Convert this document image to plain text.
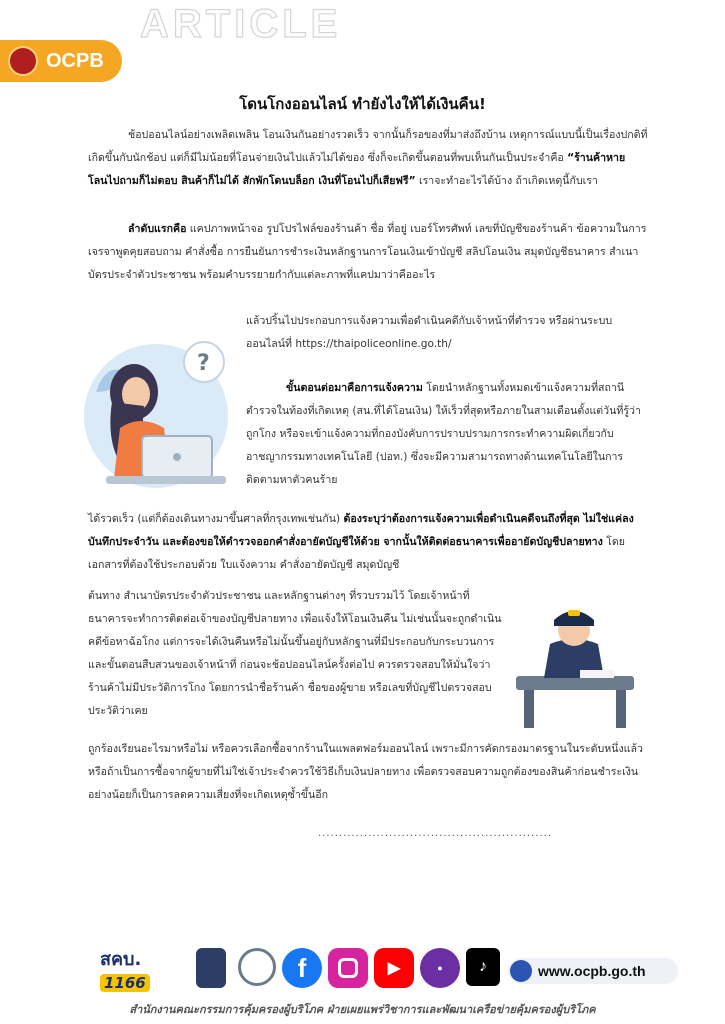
ARTICLE
OCPB
โดนโกงออนไลน์ ทำยังไงให้ได้เงินคืน!
ช้อปออนไลน์อย่างเพลิดเพลิน โอนเงินกันอย่างรวดเร็ว จากนั้นก็รอของที่มาส่งถึงบ้าน เหตุการณ์แบบนี้เป็นเรื่องปกติที่เกิดขึ้นกับนักช้อป แต่ก็มีไม่น้อยที่โอนจ่ายเงินไปแล้วไม่ได้ของ ซึ่งก็จะเกิดขึ้นตอนที่พบเห็นกันเป็นประจำคือ “ร้านค้าหาย โลนไปถามก็ไม่ตอบ สินค้าก็ไม่ได้ สักพักโดนบล็อก เงินที่โอนไปก็เสียฟรี” เราจะทำอะไรได้บ้าง ถ้าเกิดเหตุนี้กับเรา
ลำดับแรกคือ แคปภาพหน้าจอ รูปโปรไฟล์ของร้านค้า ชื่อ ที่อยู่ เบอร์โทรศัพท์ เลขที่บัญชีของร้านค้า ข้อความในการเจรจาพูดคุยสอบถาม คำสั่งซื้อ การยืนยันการชำระเงินหลักฐานการโอนเงินเข้าบัญชี สลิปโอนเงิน สมุดบัญชีธนาคาร สำเนาบัตรประจำตัวประชาชน พร้อมคำบรรยายกำกับแต่ละภาพที่แคปมาว่าคืออะไร
แล้วปริ้นไปประกอบการแจ้งความเพื่อดำเนินคดีกับเจ้าหน้าที่ตำรวจ หรือผ่านระบบออนไลน์ที่ https://thaipoliceonline.go.th/
?
ขั้นตอนต่อมาคือการแจ้งความ โดยนำหลักฐานทั้งหมดเข้าแจ้งความที่สถานีตำรวจในท้องที่เกิดเหตุ (สน.ที่ได้โอนเงิน) ให้เร็วที่สุดหรือภายในสามเดือนตั้งแต่วันที่รู้ว่าถูกโกง หรือจะเข้าแจ้งความที่กองบังคับการปราบปรามการกระทำความผิดเกี่ยวกับอาชญากรรมทางเทคโนโลยี (ปอท.) ซึ่งจะมีความสามารถทางด้านเทคโนโลยีในการติดตามหาตัวคนร้าย
ได้รวดเร็ว (แต่ก็ต้องเดินทางมาขึ้นศาลที่กรุงเทพเช่นกัน) ต้องระบุว่าต้องการแจ้งความเพื่อดำเนินคดีจนถึงที่สุด ไม่ใช่แค่ลงบันทึกประจำวัน และต้องขอให้ตำรวจออกคำสั่งอายัดบัญชีให้ด้วย จากนั้นให้ติดต่อธนาคารเพื่ออายัดบัญชีปลายทาง โดยเอกสารที่ต้องใช้ประกอบด้วย ใบแจ้งความ คำสั่งอายัดบัญชี สมุดบัญชี
ต้นทาง สำเนาบัตรประจำตัวประชาชน และหลักฐานต่างๆ ที่รวบรวมไว้ โดยเจ้าหน้าที่ธนาคารจะทำการติดต่อเจ้าของบัญชีปลายทาง เพื่อแจ้งให้โอนเงินคืน ไม่เช่นนั้นจะถูกดำเนินคดีข้อหาฉ้อโกง แต่การจะได้เงินคืนหรือไม่นั้นขึ้นอยู่กับหลักฐานที่มีประกอบกับกระบวนการและขั้นตอนสืบสวนของเจ้าหน้าที่ ก่อนจะช้อปออนไลน์ครั้งต่อไป ควรตรวจสอบให้มั่นใจว่าร้านค้าไม่มีประวัติการโกง โดยการนำชื่อร้านค้า ชื่อของผู้ขาย หรือเลขที่บัญชีไปตรวจสอบประวัติว่าเคย
ถูกร้องเรียนอะไรมาหรือไม่ หรือควรเลือกซื้อจากร้านในแพลตฟอร์มออนไลน์ เพราะมีการคัดกรองมาตรฐานในระดับหนึ่งแล้ว หรือถ้าเป็นการซื้อจากผู้ขายที่ไม่ใช่เจ้าประจำควรใช้วิธีเก็บเงินปลายทาง เพื่อตรวจสอบความถูกต้องของสินค้าก่อนชำระเงิน อย่างน้อยก็เป็นการลดความเสี่ยงที่จะเกิดเหตุซ้ำขึ้นอีก
........................................................
สคบ.
1166
f	▶	●	♪	www.ocpb.go.th
สำนักงานคณะกรรมการคุ้มครองผู้บริโภค ฝ่ายเผยแพร่วิชาการและพัฒนาเครือข่ายคุ้มครองผู้บริโภค
